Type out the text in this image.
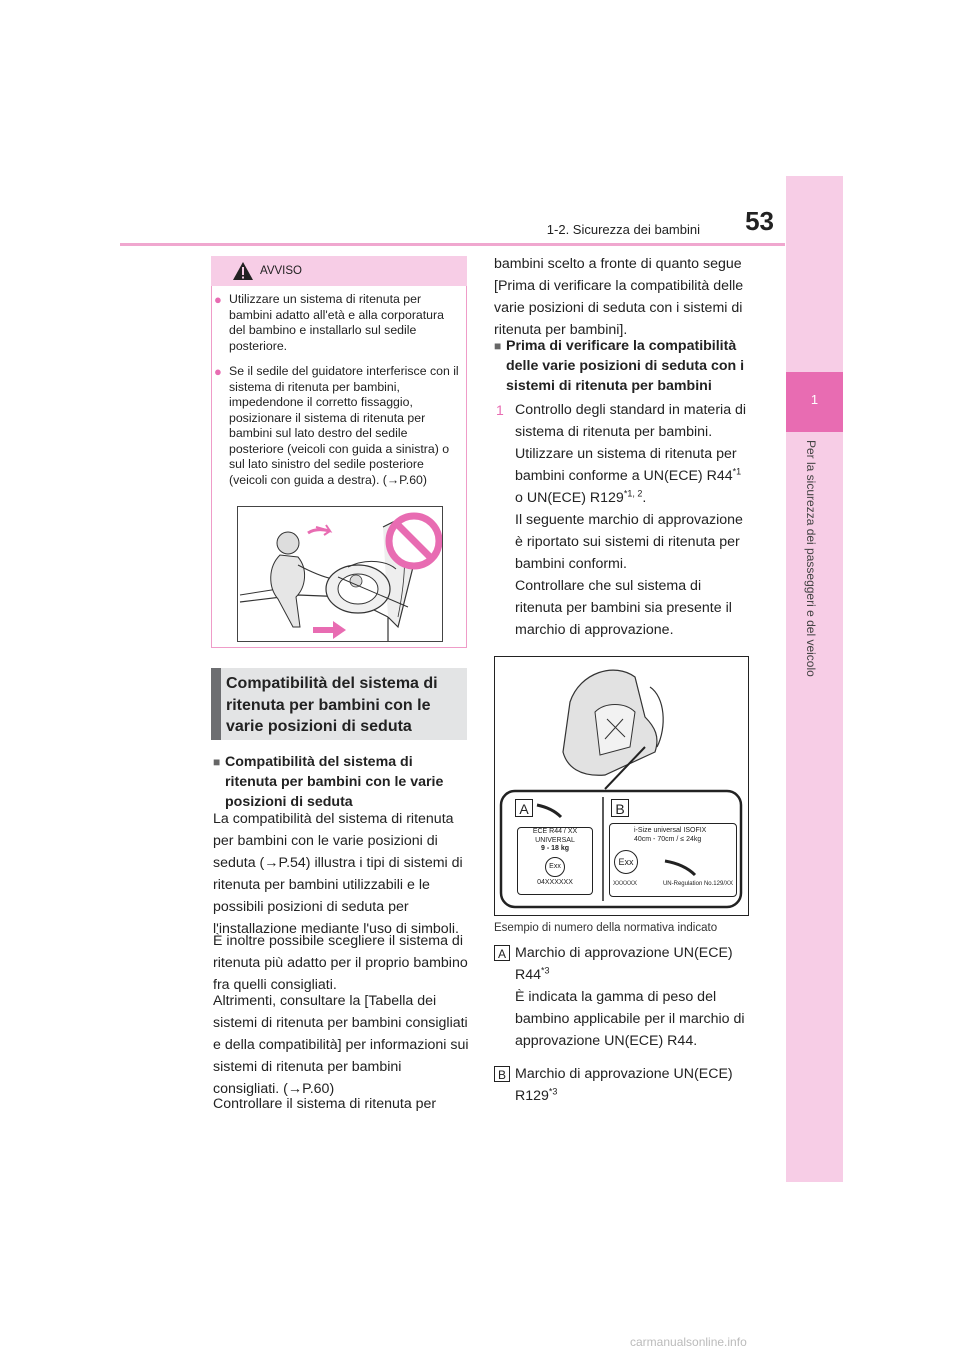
1-2. Sicurezza dei bambini 53
1
Per la sicurezza dei passeggeri e del veicolo
AVVISO
● Utilizzare un sistema di ritenuta per bambini adatto all'età e alla corporatura del bambino e installarlo sul sedile posteriore.
● Se il sedile del guidatore interferisce con il sistema di ritenuta per bambini, impedendone il corretto fissaggio, posizionare il sistema di ritenuta per bambini sul lato destro del sedile posteriore (veicoli con guida a sinistra) o sul lato sinistro del sedile posteriore (veicoli con guida a destra). (→P.60)
Compatibilità del sistema di ritenuta per bambini con le varie posizioni di seduta
■ Compatibilità del sistema di ritenuta per bambini con le varie posizioni di seduta
La compatibilità del sistema di ritenuta per bambini con le varie posizioni di seduta (→P.54) illustra i tipi di sistemi di ritenuta per bambini utilizzabili e le possibili posizioni di seduta per l'installazione mediante l'uso di simboli.
È inoltre possibile scegliere il sistema di ritenuta più adatto per il proprio bambino fra quelli consigliati.
Altrimenti, consultare la [Tabella dei sistemi di ritenuta per bambini consigliati e della compatibilità] per informazioni sui sistemi di ritenuta per bambini consigliati. (→P.60)
Controllare il sistema di ritenuta per
bambini scelto a fronte di quanto segue [Prima di verificare la compatibilità delle varie posizioni di seduta con i sistemi di ritenuta per bambini].
■ Prima di verificare la compatibilità delle varie posizioni di seduta con i sistemi di ritenuta per bambini
1 Controllo degli standard in materia di sistema di ritenuta per bambini.
Utilizzare un sistema di ritenuta per bambini conforme a UN(ECE) R44$^{*1}$ o UN(ECE) R129$^{*1, 2}$.
Il seguente marchio di approvazione è riportato sui sistemi di ritenuta per bambini conformi.
Controllare che sul sistema di ritenuta per bambini sia presente il marchio di approvazione.
A	B
ECE R44 / XX
UNIVERSAL
9 - 18 kg
Exx
04XXXXXX
i-Size universal ISOFIX
40cm - 70cm / ≤ 24kg
Exx
XXXXXX	UN-Regulation No.129/XX
Esempio di numero della normativa indicato
A Marchio di approvazione UN(ECE) R44$^{*3}$
È indicata la gamma di peso del bambino applicabile per il marchio di approvazione UN(ECE) R44.
B Marchio di approvazione UN(ECE) R129$^{*3}$
carmanualsonline.info
